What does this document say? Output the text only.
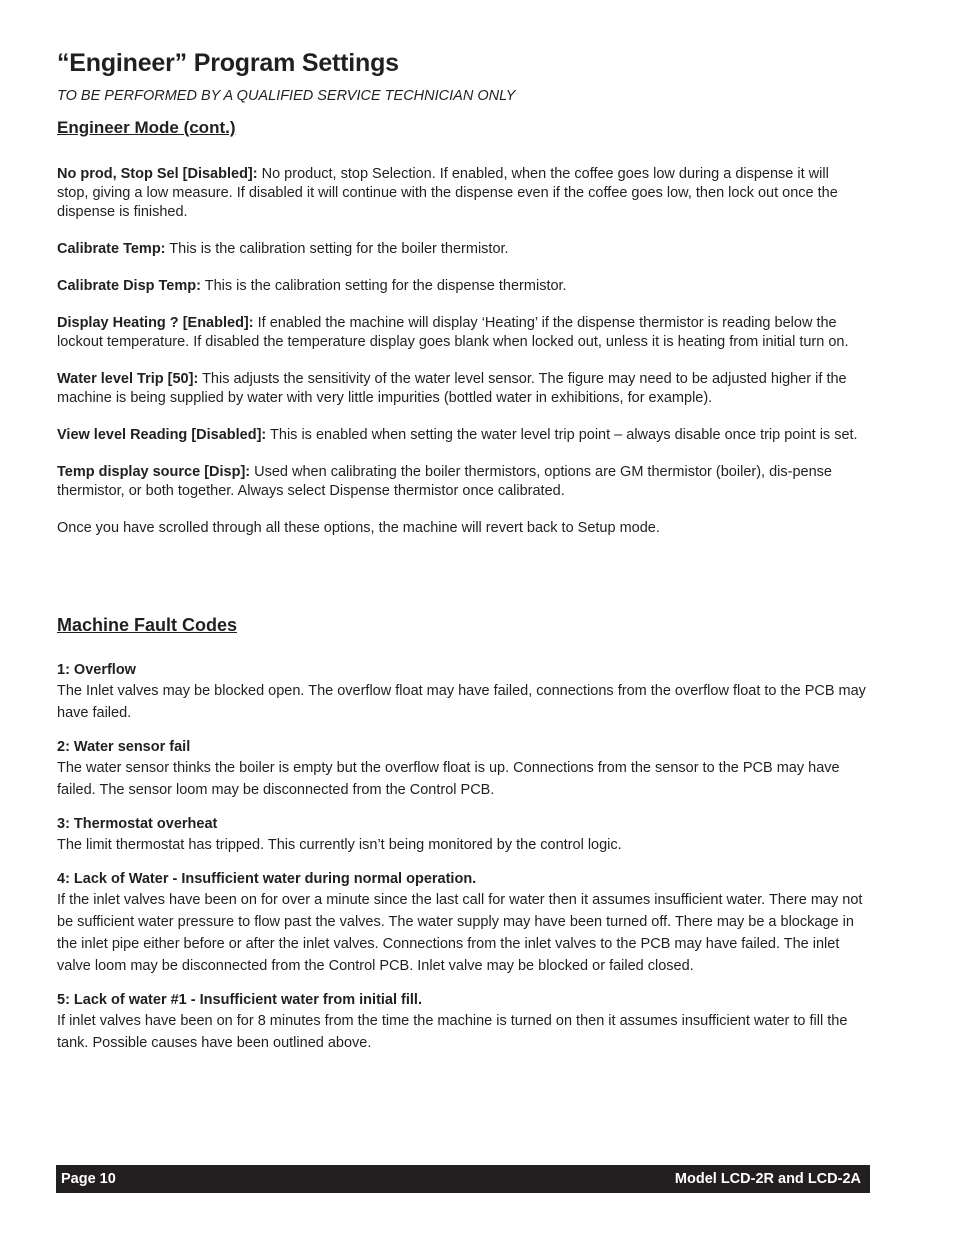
“Engineer” Program Settings

TO BE PERFORMED BY A QUALIFIED SERVICE TECHNICIAN ONLY

Engineer Mode (cont.)

No prod, Stop Sel [Disabled]: No product, stop Selection. If enabled, when the coffee goes low during a dispense it will stop, giving a low measure. If disabled it will continue with the dispense even if the coffee goes low, then lock out once the dispense is finished.

Calibrate Temp: This is the calibration setting for the boiler thermistor.

Calibrate Disp Temp: This is the calibration setting for the dispense thermistor.

Display Heating ? [Enabled]: If enabled the machine will display ‘Heating’ if the dispense thermistor is reading below the lockout temperature. If disabled the temperature display goes blank when locked out, unless it is heating from initial turn on.

Water level Trip [50]: This adjusts the sensitivity of the water level sensor. The figure may need to be adjusted higher if the machine is being supplied by water with very little impurities (bottled water in exhibitions, for example).

View level Reading [Disabled]: This is enabled when setting the water level trip point – always disable once trip point is set.

Temp display source [Disp]: Used when calibrating the boiler thermistors, options are GM thermistor (boiler), dis-pense thermistor, or both together. Always select Dispense thermistor once calibrated.

Once you have scrolled through all these options, the machine will revert back to Setup mode.

Machine Fault Codes

1: Overflow

The Inlet valves may be blocked open. The overflow float may have failed, connections from the overflow float to the PCB may have failed.

2: Water sensor fail

The water sensor thinks the boiler is empty but the overflow float is up. Connections from the sensor to the PCB may have failed. The sensor loom may be disconnected from the Control PCB.

3: Thermostat overheat

The limit thermostat has tripped. This currently isn’t being monitored by the control logic.

4: Lack of Water - Insufficient water during normal operation.

If the inlet valves have been on for over a minute since the last call for water then it assumes insufficient water. There may not be sufficient water pressure to flow past the valves. The water supply may have been turned off. There may be a blockage in the inlet pipe either before or after the inlet valves. Connections from the inlet valves to the PCB may have failed. The inlet valve loom may be disconnected from the Control PCB. Inlet valve may be blocked or failed closed.

5: Lack of water #1 - Insufficient water from initial fill.

If inlet valves have been on for 8 minutes from the time the machine is turned on then it assumes insufficient water to fill the tank. Possible causes have been outlined above.

Page 10	Model LCD-2R and LCD-2A
